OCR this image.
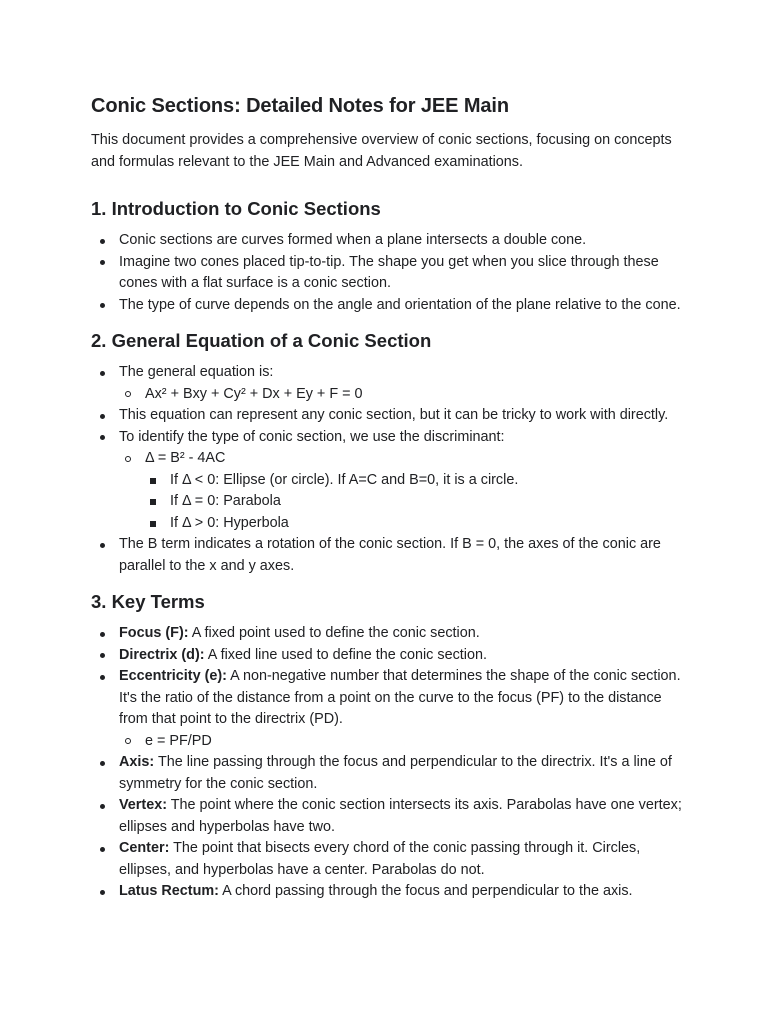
Conic Sections: Detailed Notes for JEE Main

This document provides a comprehensive overview of conic sections, focusing on concepts and formulas relevant to the JEE Main and Advanced examinations.

1. Introduction to Conic Sections
Conic sections are curves formed when a plane intersects a double cone.
Imagine two cones placed tip-to-tip. The shape you get when you slice through these cones with a flat surface is a conic section.
The type of curve depends on the angle and orientation of the plane relative to the cone.
2. General Equation of a Conic Section
The general equation is:
Ax² + Bxy + Cy² + Dx + Ey + F = 0
This equation can represent any conic section, but it can be tricky to work with directly.
To identify the type of conic section, we use the discriminant:
Δ = B² - 4AC
If Δ < 0: Ellipse (or circle). If A=C and B=0, it is a circle.
If Δ = 0: Parabola
If Δ > 0: Hyperbola
The B term indicates a rotation of the conic section. If B = 0, the axes of the conic are parallel to the x and y axes.
3. Key Terms
Focus (F): A fixed point used to define the conic section.
Directrix (d): A fixed line used to define the conic section.
Eccentricity (e): A non-negative number that determines the shape of the conic section. It's the ratio of the distance from a point on the curve to the focus (PF) to the distance from that point to the directrix (PD).
e = PF/PD
Axis: The line passing through the focus and perpendicular to the directrix. It's a line of symmetry for the conic section.
Vertex: The point where the conic section intersects its axis. Parabolas have one vertex; ellipses and hyperbolas have two.
Center: The point that bisects every chord of the conic passing through it. Circles, ellipses, and hyperbolas have a center. Parabolas do not.
Latus Rectum: A chord passing through the focus and perpendicular to the axis.
